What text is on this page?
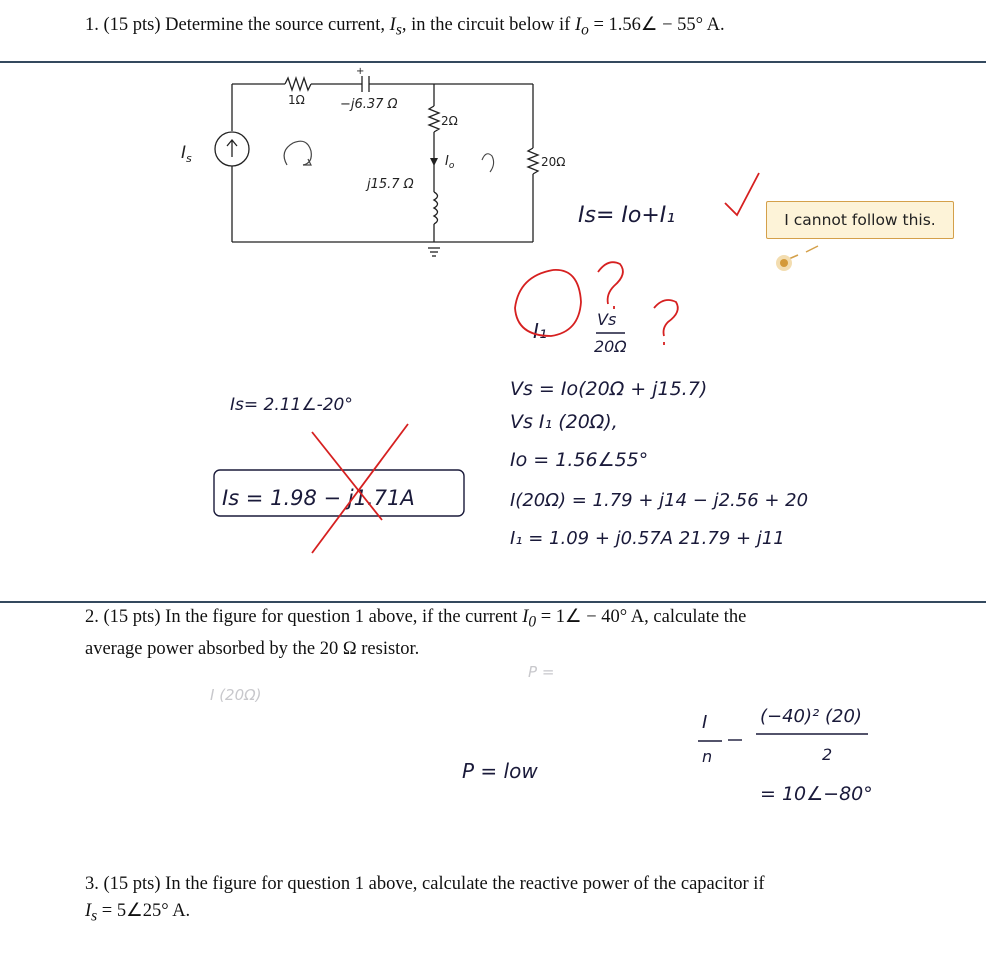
1. (15 pts) Determine the source current, $I_s$, in the circuit below if $I_o$ = 1.56∠ − 55° A.
$I_s$
1Ω
+
−j6.37 Ω
2Ω
j15.7 Ω
$I_o$	20Ω
Is= Io+I₁
I₁	Vs
20Ω
Vs = Io(20Ω + j15.7)
Vs I₁ (20Ω),
Io = 1.56∠55°
I(20Ω) = 1.79 + j14 − j2.56 + 20
I₁ = 1.09 + j0.57A 21.79 + j11
Is= 2.11∠-20°
Is = 1.98 − j1.71A
I (20Ω)
P =
P = low
I
n
(−40)² (20)
2
= 10∠−80°
I cannot follow this.
2. (15 pts) In the figure for question 1 above, if the current $I_0$ = 1∠ − 40° A, calculate the
average power absorbed by the 20 Ω resistor.
3. (15 pts) In the figure for question 1 above, calculate the reactive power of the capacitor if
$I_s$ = 5∠25° A.
